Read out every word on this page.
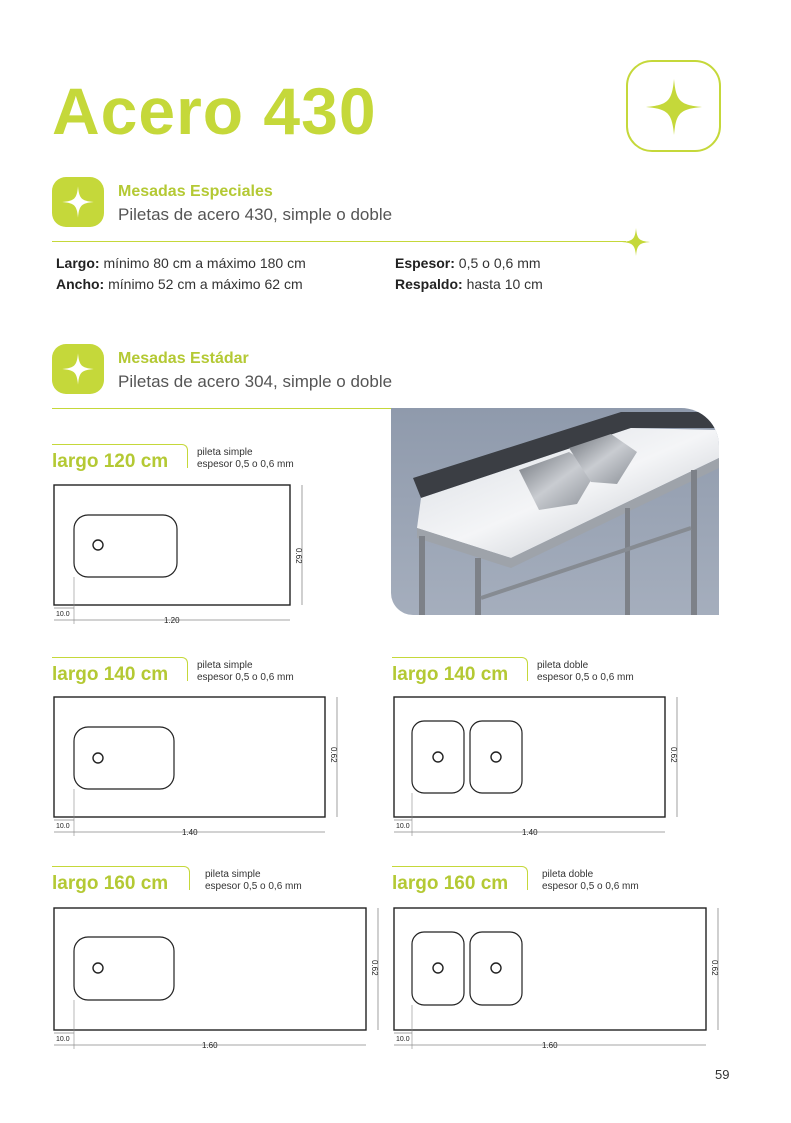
Acero 430
Mesadas Especiales
Piletas de acero 430, simple o doble
Largo: mínimo 80 cm a máximo 180 cm
Ancho: mínimo 52 cm a máximo 62 cm
Espesor: 0,5 o 0,6 mm
Respaldo: hasta 10 cm
Mesadas Estádar
Piletas de acero 304, simple o doble
largo 120 cm	pileta simple
espesor 0,5 o 0,6 mm
10.0
1.20
0.62
largo 140 cm	pileta simple
espesor 0,5 o 0,6 mm
10.0
1.40
0.62
largo 140 cm	pileta doble
espesor 0,5 o 0,6 mm
10.0
1.40
0.62
largo 160 cm	pileta simple
espesor 0,5 o 0,6 mm
10.0
1.60
0.62
largo 160 cm	pileta doble
espesor 0,5 o 0,6 mm
10.0
1.60
0.62
59
